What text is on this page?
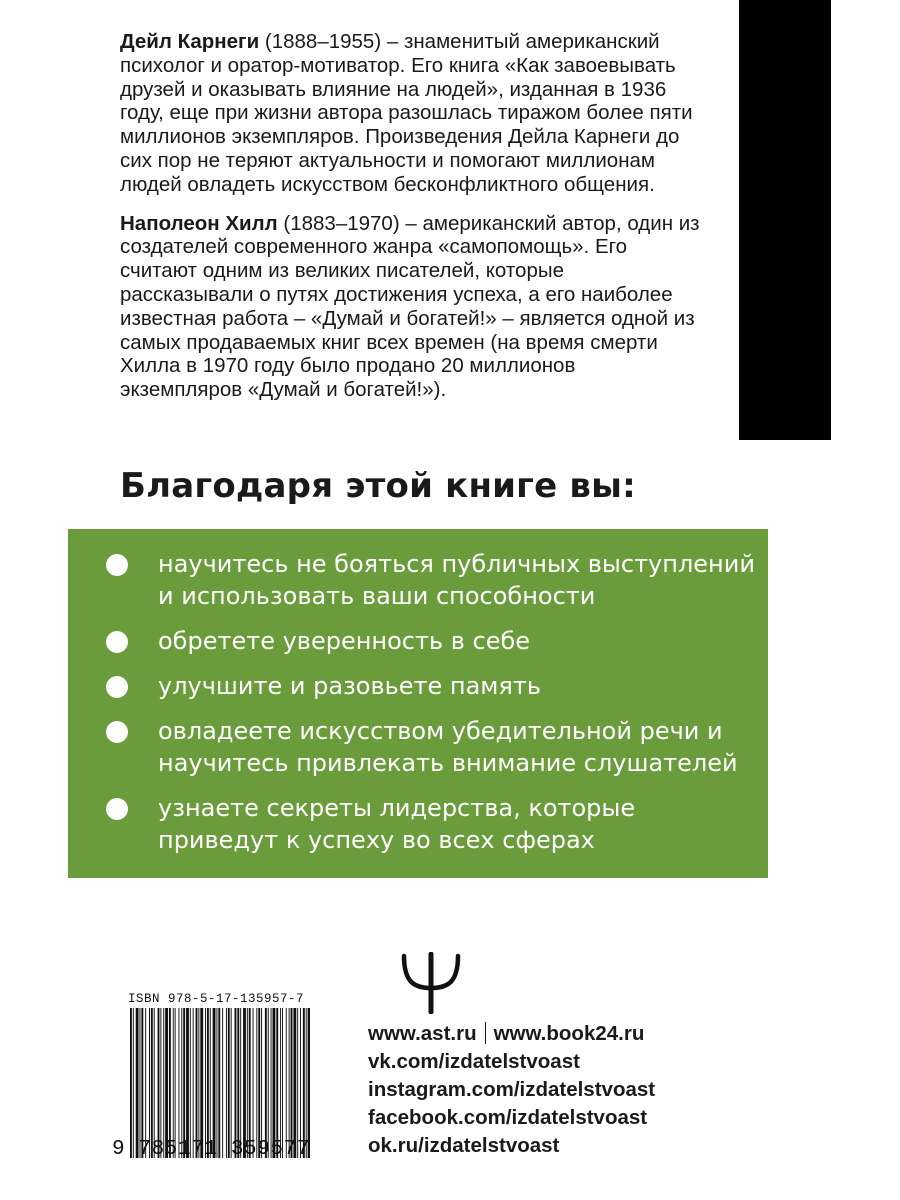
Дейл Карнеги (1888–1955) – знаменитый американский психолог и оратор-мотиватор. Его книга «Как завоевывать друзей и оказывать влияние на людей», изданная в 1936 году, еще при жизни автора разошлась тиражом более пяти миллионов экземпляров. Произведения Дейла Карнеги до сих пор не теряют актуальности и помогают миллионам людей овладеть искусством бесконфликтного общения.

Наполеон Хилл (1883–1970) – американский автор, один из создателей современного жанра «самопомощь». Его считают одним из великих писателей, которые рассказывали о путях достижения успеха, а его наиболее известная работа – «Думай и богатей!» – является одной из самых продаваемых книг всех времен (на время смерти Хилла в 1970 году было продано 20 миллионов экземпляров «Думай и богатей!»).

Благодаря этой книге вы:
научитесь не бояться публичных выступлений и использовать ваши способности
обретете уверенность в себе
улучшите и разовьете память
овладеете искусством убедительной речи и научитесь привлекать внимание слушателей
узнаете секреты лидерства, которые приведут к успеху во всех сферах
ISBN 978-5-17-135957-7
9 785171 359577
www.ast.ru www.book24.ru
vk.com/izdatelstvoast
instagram.com/izdatelstvoast
facebook.com/izdatelstvoast
ok.ru/izdatelstvoast
